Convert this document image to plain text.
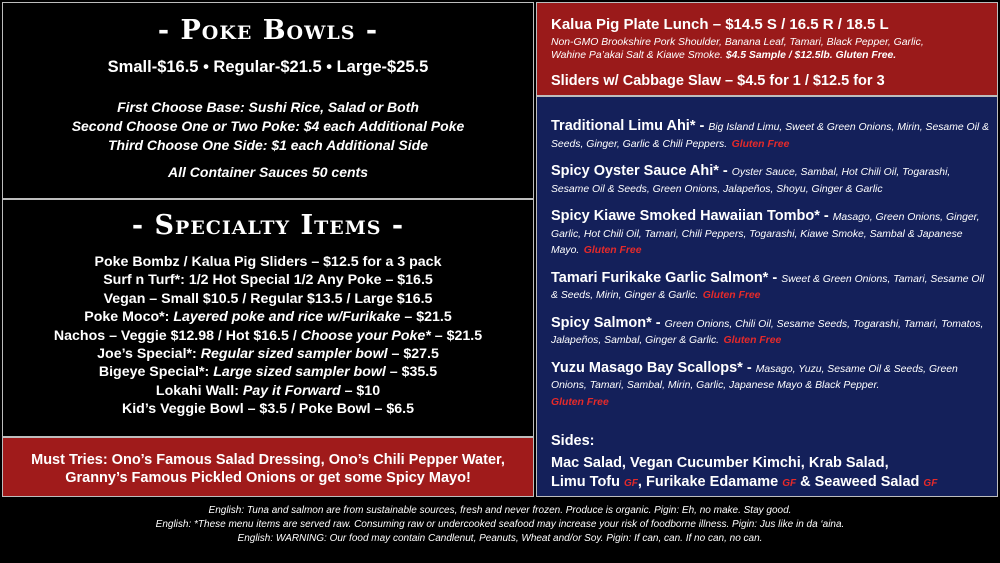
- Poke Bowls -
Small-$16.5 • Regular-$21.5 • Large-$25.5
First Choose Base: Sushi Rice, Salad or Both
Second Choose One or Two Poke: $4 each Additional Poke
Third Choose One Side: $1 each Additional Side
All Container Sauces 50 cents
- Specialty Items -
Poke Bombz / Kalua Pig Sliders – $12.5 for a 3 pack
Surf n Turf*: 1/2 Hot Special 1/2 Any Poke – $16.5
Vegan – Small $10.5 / Regular $13.5 / Large $16.5
Poke Moco*: Layered poke and rice w/Furikake – $21.5
Nachos – Veggie $12.98 / Hot $16.5 / Choose your Poke* – $21.5
Joe’s Special*: Regular sized sampler bowl – $27.5
Bigeye Special*: Large sized sampler bowl – $35.5
Lokahi Wall: Pay it Forward – $10
Kid’s Veggie Bowl – $3.5 / Poke Bowl – $6.5
Must Tries: Ono’s Famous Salad Dressing, Ono’s Chili Pepper Water,
Granny’s Famous Pickled Onions or get some Spicy Mayo!
Kalua Pig Plate Lunch – $14.5 S / 16.5 R / 18.5 L
Non-GMO Brookshire Pork Shoulder, Banana Leaf, Tamari, Black Pepper, Garlic,
Wahine Pa’akai Salt & Kiawe Smoke. $4.5 Sample / $12.5lb. Gluten Free.
Sliders w/ Cabbage Slaw – $4.5 for 1 / $12.5 for 3
Traditional Limu Ahi* - Big Island Limu, Sweet & Green Onions, Mirin, Sesame Oil & Seeds, Ginger, Garlic & Chili Peppers. Gluten Free
Spicy Oyster Sauce Ahi* - Oyster Sauce, Sambal, Hot Chili Oil, Togarashi, Sesame Oil & Seeds, Green Onions, Jalapeños, Shoyu, Ginger & Garlic
Spicy Kiawe Smoked Hawaiian Tombo* - Masago, Green Onions, Ginger, Garlic, Hot Chili Oil, Tamari, Chili Peppers, Togarashi, Kiawe Smoke, Sambal & Japanese Mayo. Gluten Free
Tamari Furikake Garlic Salmon* - Sweet & Green Onions, Tamari, Sesame Oil & Seeds, Mirin, Ginger & Garlic. Gluten Free
Spicy Salmon* - Green Onions, Chili Oil, Sesame Seeds, Togarashi, Tamari, Tomatos, Jalapeños, Sambal, Ginger & Garlic. Gluten Free
Yuzu Masago Bay Scallops* - Masago, Yuzu, Sesame Oil & Seeds, Green Onions, Tamari, Sambal, Mirin, Garlic, Japanese Mayo & Black Pepper.
Gluten Free
Sides:
Mac Salad, Vegan Cucumber Kimchi, Krab Salad,
Limu Tofu GF, Furikake Edamame GF & Seaweed Salad GF
English: Tuna and salmon are from sustainable sources, fresh and never frozen. Produce is organic. Pigin: Eh, no make. Stay good.
English: *These menu items are served raw. Consuming raw or undercooked seafood may increase your risk of foodborne illness. Pigin: Jus like in da ‘aina.
English: WARNING: Our food may contain Candlenut, Peanuts, Wheat and/or Soy. Pigin: If can, can. If no can, no can.
